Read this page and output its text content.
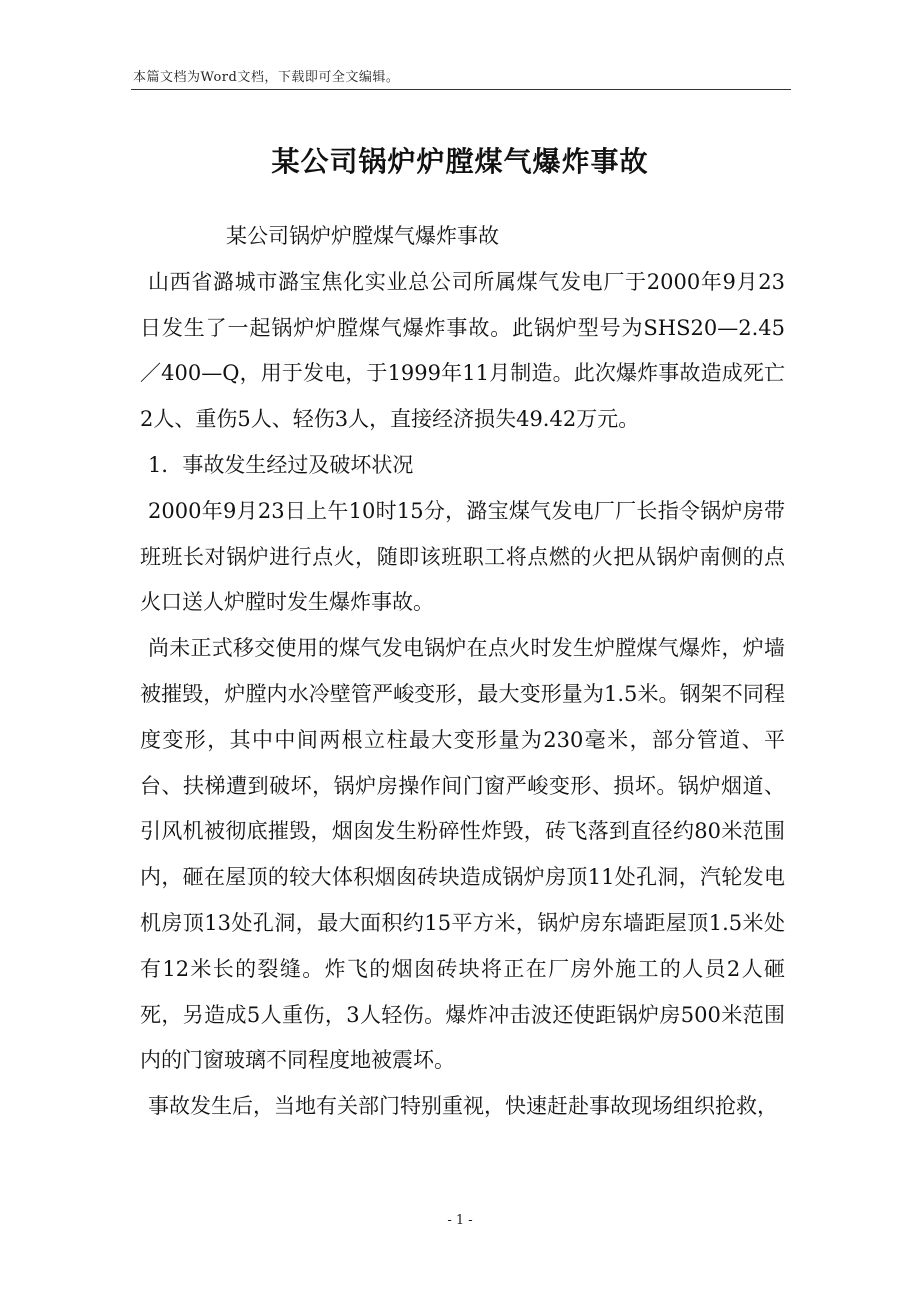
本篇文档为Word文档，下载即可全文编辑。
某公司锅炉炉膛煤气爆炸事故

某公司锅炉炉膛煤气爆炸事故

山西省潞城市潞宝焦化实业总公司所属煤气发电厂于2000年9月23日发生了一起锅炉炉膛煤气爆炸事故。此锅炉型号为SHS20—2.45／400—Q，用于发电，于1999年11月制造。此次爆炸事故造成死亡2人、重伤5人、轻伤3人，直接经济损失49.42万元。

1．事故发生经过及破坏状况

2000年9月23日上午10时15分，潞宝煤气发电厂厂长指令锅炉房带班班长对锅炉进行点火，随即该班职工将点燃的火把从锅炉南侧的点火口送人炉膛时发生爆炸事故。

尚未正式移交使用的煤气发电锅炉在点火时发生炉膛煤气爆炸，炉墙被摧毁，炉膛内水冷壁管严峻变形，最大变形量为1.5米。钢架不同程度变形，其中中间两根立柱最大变形量为230毫米，部分管道、平台、扶梯遭到破坏，锅炉房操作间门窗严峻变形、损坏。锅炉烟道、引风机被彻底摧毁，烟囱发生粉碎性炸毁，砖飞落到直径约80米范围内，砸在屋顶的较大体积烟囱砖块造成锅炉房顶11处孔洞，汽轮发电机房顶13处孔洞，最大面积约15平方米，锅炉房东墙距屋顶1.5米处有12米长的裂缝。炸飞的烟囱砖块将正在厂房外施工的人员2人砸死，另造成5人重伤，3人轻伤。爆炸冲击波还使距锅炉房500米范围内的门窗玻璃不同程度地被震坏。

事故发生后，当地有关部门特别重视，快速赶赴事故现场组织抢救，

- 1 -
